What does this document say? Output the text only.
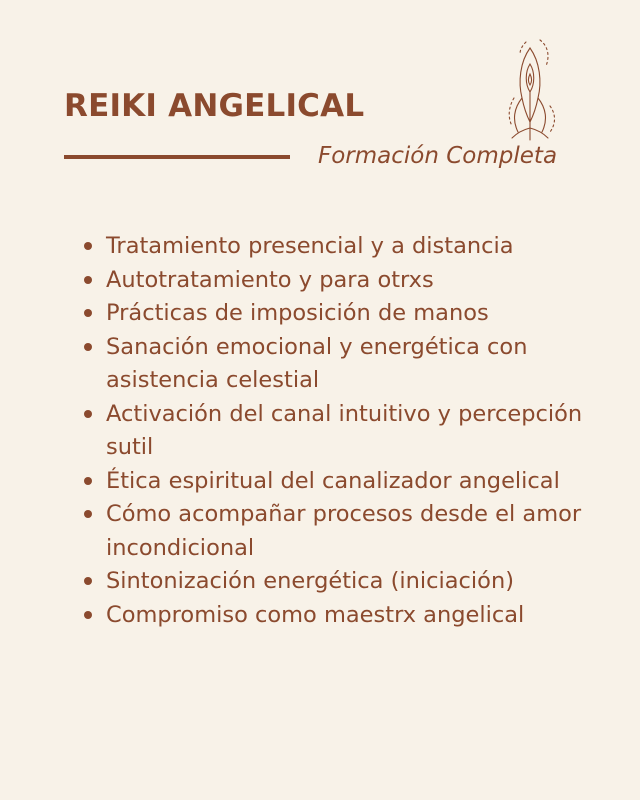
REIKI ANGELICAL
Formación Completa
Tratamiento presencial y a distancia
Autotratamiento y para otrxs
Prácticas de imposición de manos
Sanación emocional y energética con asistencia celestial
Activación del canal intuitivo y percepción sutil
Ética espiritual del canalizador angelical
Cómo acompañar procesos desde el amor incondicional
Sintonización energética (iniciación)
Compromiso como maestrx angelical
